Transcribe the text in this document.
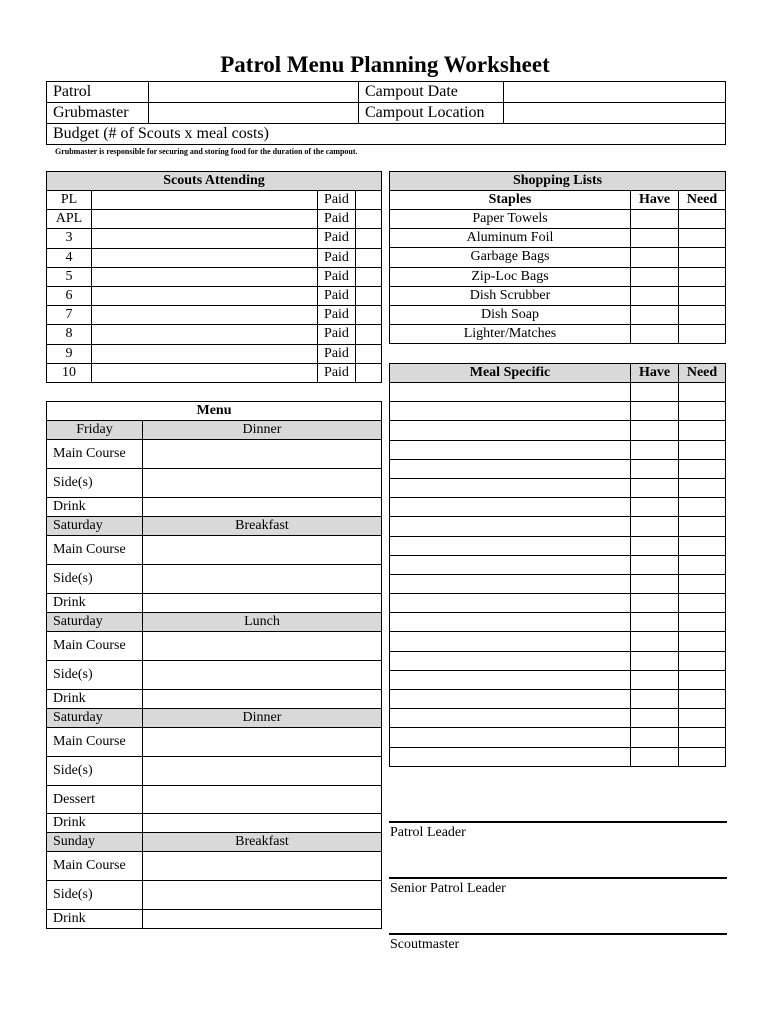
Patrol Menu Planning Worksheet
Patrol		Campout Date	
Grubmaster		Campout Location	
Budget (# of Scouts x meal costs)			
Grubmaster is responsible for securing and storing food for the duration of the campout.
Scouts Attending			
PL		Paid	
APL		Paid	
3		Paid	
4		Paid	
5		Paid	
6		Paid	
7		Paid	
8		Paid	
9		Paid	
10		Paid	
Shopping Lists		
Staples	Have	Need
Paper Towels		
Aluminum Foil		
Garbage Bags		
Zip-Loc Bags		
Dish Scrubber		
Dish Soap		
Lighter/Matches		
Meal Specific	Have	Need

Menu	
Friday	Dinner
Main Course	
Side(s)	
Drink	
Saturday	Breakfast
Main Course	
Side(s)	
Drink	
Saturday	Lunch
Main Course	
Side(s)	
Drink	
Saturday	Dinner
Main Course	
Side(s)	
Dessert	
Drink	
Sunday	Breakfast
Main Course	
Side(s)	
Drink	
Patrol Leader
Senior Patrol Leader
Scoutmaster
